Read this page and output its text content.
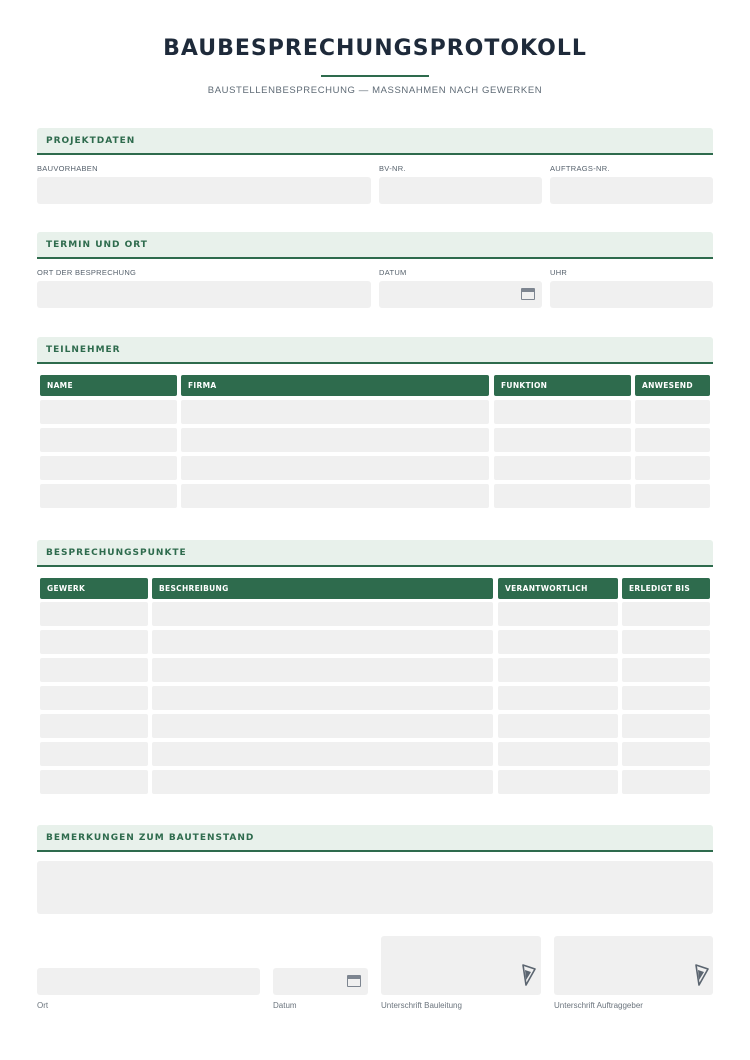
BAUBESPRECHUNGSPROTOKOLL
BAUSTELLENBESPRECHUNG — MASSNAHMEN NACH GEWERKEN
PROJEKTDATEN
BAUVORHABEN	BV-NR.	AUFTRAGS-NR.
TERMIN UND ORT
ORT DER BESPRECHUNG	DATUM	UHR
TEILNEHMER
NAME	FIRMA	FUNKTION	ANWESEND
BESPRECHUNGSPUNKTE
GEWERK	BESCHREIBUNG	VERANTWORTLICH	ERLEDIGT BIS
BEMERKUNGEN ZUM BAUTENSTAND
Ort	Datum	Unterschrift Bauleitung	Unterschrift Auftraggeber
